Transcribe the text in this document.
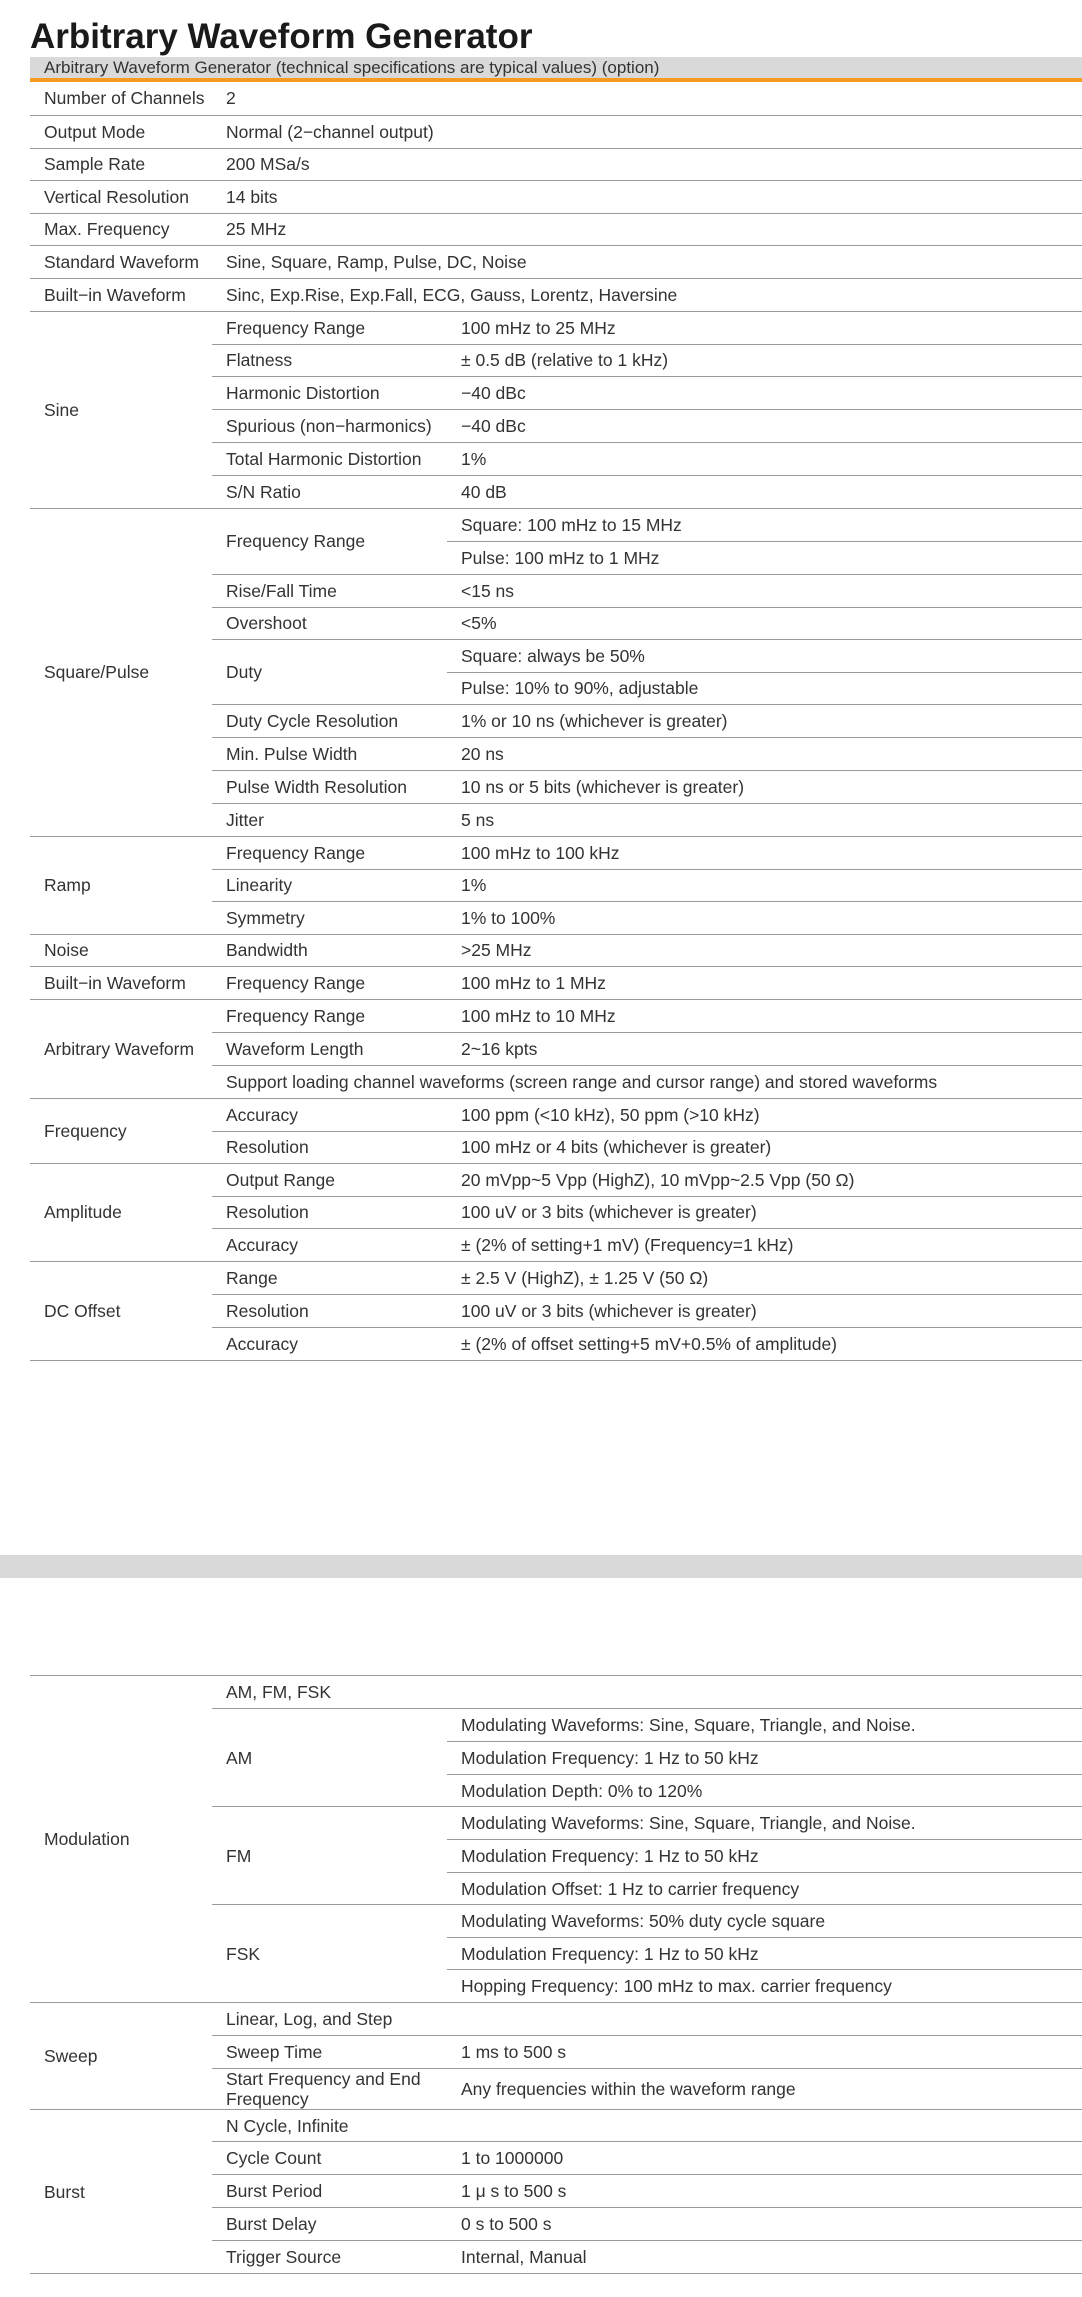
Arbitrary Waveform Generator
Arbitrary Waveform Generator (technical specifications are typical values) (option)
Number of Channels	2	
Output Mode	Normal (2−channel output)	
Sample Rate	200 MSa/s	
Vertical Resolution	14 bits	
Max. Frequency	25 MHz	
Standard Waveform	Sine, Square, Ramp, Pulse, DC, Noise	
Built−in Waveform	Sinc, Exp.Rise, Exp.Fall, ECG, Gauss, Lorentz, Haversine	
Sine	Frequency Range	100 mHz to 25 MHz
	Flatness	± 0.5 dB (relative to 1 kHz)
	Harmonic Distortion	−40 dBc
	Spurious (non−harmonics)	−40 dBc
	Total Harmonic Distortion	1%
	S/N Ratio	40 dB
Square/Pulse	Frequency Range	Square: 100 mHz to 15 MHz
		Pulse: 100 mHz to 1 MHz
	Rise/Fall Time	<15 ns
	Overshoot	<5%
	Duty	Square: always be 50%
		Pulse: 10% to 90%, adjustable
	Duty Cycle Resolution	1% or 10 ns (whichever is greater)
	Min. Pulse Width	20 ns
	Pulse Width Resolution	10 ns or 5 bits (whichever is greater)
	Jitter	5 ns
Ramp	Frequency Range	100 mHz to 100 kHz
	Linearity	1%
	Symmetry	1% to 100%
Noise	Bandwidth	>25 MHz
Built−in Waveform	Frequency Range	100 mHz to 1 MHz
Arbitrary Waveform	Frequency Range	100 mHz to 10 MHz
	Waveform Length	2~16 kpts
	Support loading channel waveforms (screen range and cursor range) and stored waveforms	
Frequency	Accuracy	100 ppm (<10 kHz), 50 ppm (>10 kHz)
	Resolution	100 mHz or 4 bits (whichever is greater)
Amplitude	Output Range	20 mVpp~5 Vpp (HighZ), 10 mVpp~2.5 Vpp (50 Ω)
	Resolution	100 uV or 3 bits (whichever is greater)
	Accuracy	± (2% of setting+1 mV) (Frequency=1 kHz)
DC Offset	Range	± 2.5 V (HighZ), ± 1.25 V (50 Ω)
	Resolution	100 uV or 3 bits (whichever is greater)
	Accuracy	± (2% of offset setting+5 mV+0.5% of amplitude)
Modulation	AM, FM, FSK	
	AM	Modulating Waveforms: Sine, Square, Triangle, and Noise.
		Modulation Frequency: 1 Hz to 50 kHz
		Modulation Depth: 0% to 120%
	FM	Modulating Waveforms: Sine, Square, Triangle, and Noise.
		Modulation Frequency: 1 Hz to 50 kHz
		Modulation Offset: 1 Hz to carrier frequency
	FSK	Modulating Waveforms: 50% duty cycle square
		Modulation Frequency: 1 Hz to 50 kHz
		Hopping Frequency: 100 mHz to max. carrier frequency
Sweep	Linear, Log, and Step	
	Sweep Time	1 ms to 500 s
	Start Frequency and End Frequency	Any frequencies within the waveform range
Burst	N Cycle, Infinite	
	Cycle Count	1 to 1000000
	Burst Period	1 μ s to 500 s
	Burst Delay	0 s to 500 s
	Trigger Source	Internal, Manual
